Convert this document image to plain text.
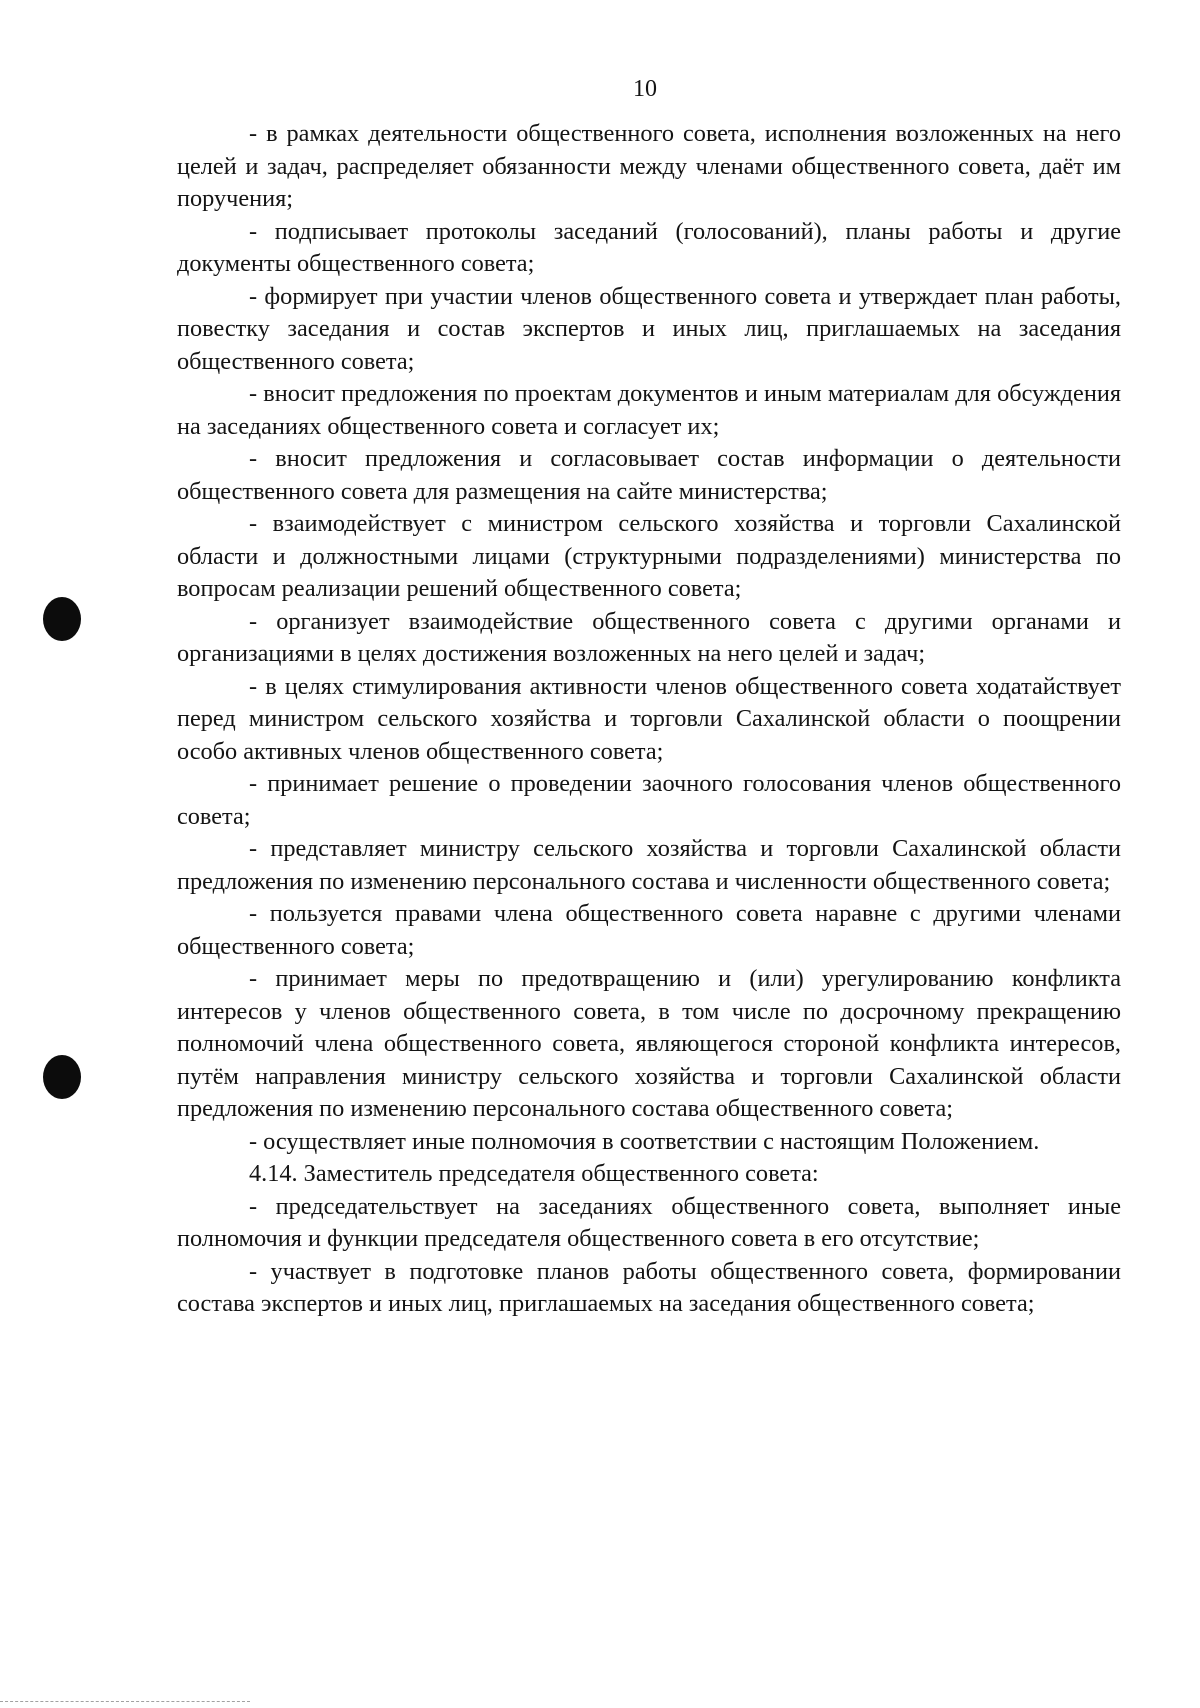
10

- в рамках деятельности общественного совета, исполнения возложенных на него целей и задач, распределяет обязанности между членами общественного совета, даёт им поручения;

- подписывает протоколы заседаний (голосований), планы работы и другие документы общественного совета;

- формирует при участии членов общественного совета и утверждает план работы, повестку заседания и состав экспертов и иных лиц, приглашаемых на заседания общественного совета;

- вносит предложения по проектам документов и иным материалам для обсуждения на заседаниях общественного совета и согласует их;

- вносит предложения и согласовывает состав информации о деятельности общественного совета для размещения на сайте министерства;

- взаимодействует с министром сельского хозяйства и торговли Сахалинской области и должностными лицами (структурными подразделениями) министерства по вопросам реализации решений общественного совета;

- организует взаимодействие общественного совета с другими органами и организациями в целях достижения возложенных на него целей и задач;

- в целях стимулирования активности членов общественного совета ходатайствует перед министром сельского хозяйства и торговли Сахалинской области о поощрении особо активных членов общественного совета;

- принимает решение о проведении заочного голосования членов общественного совета;

- представляет министру сельского хозяйства и торговли Сахалинской области предложения по изменению персонального состава и численности общественного совета;

- пользуется правами члена общественного совета наравне с другими членами общественного совета;

- принимает меры по предотвращению и (или) урегулированию конфликта интересов у членов общественного совета, в том числе по досрочному прекращению полномочий члена общественного совета, являющегося стороной конфликта интересов, путём направления министру сельского хозяйства и торговли Сахалинской области предложения по изменению персонального состава общественного совета;

- осуществляет иные полномочия в соответствии с настоящим Положением.

4.14. Заместитель председателя общественного совета:

- председательствует на заседаниях общественного совета, выполняет иные полномочия и функции председателя общественного совета в его отсутствие;

- участвует в подготовке планов работы общественного совета, формировании состава экспертов и иных лиц, приглашаемых на заседания общественного совета;
